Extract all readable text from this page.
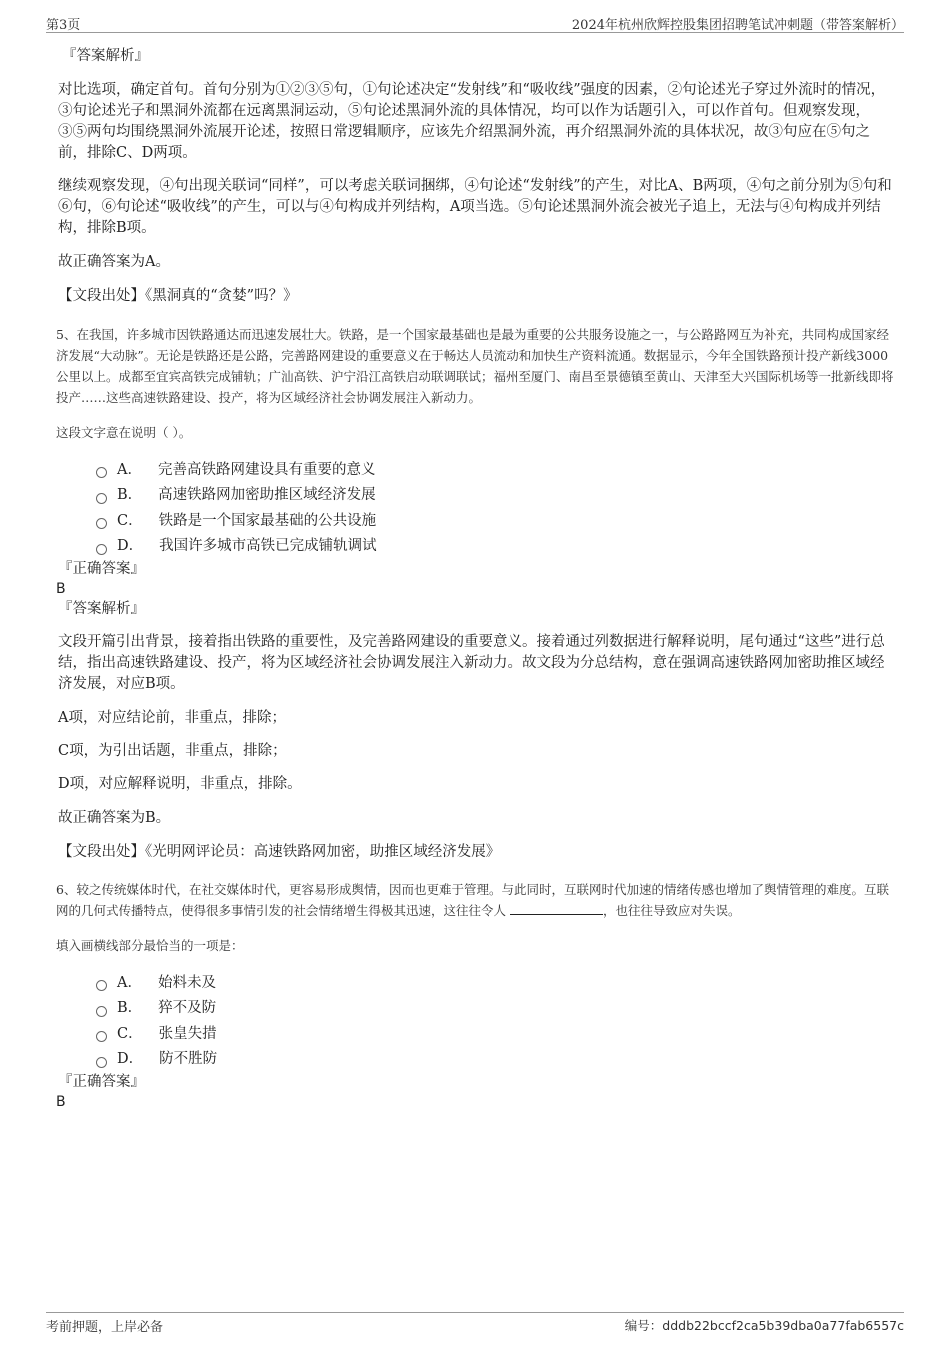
第3页	2024年杭州欣辉控股集团招聘笔试冲刺题（带答案解析）
『答案解析』

对比选项，确定首句。首句分别为①②③⑤句，①句论述决定“发射线”和“吸收线”强度的因素，②句论述光子穿过外流时的情况，③句论述光子和黑洞外流都在远离黑洞运动，⑤句论述黑洞外流的具体情况，均可以作为话题引入，可以作首句。但观察发现，③⑤两句均围绕黑洞外流展开论述，按照日常逻辑顺序，应该先介绍黑洞外流，再介绍黑洞外流的具体状况，故③句应在⑤句之前，排除C、D两项。

继续观察发现，④句出现关联词“同样”，可以考虑关联词捆绑，④句论述“发射线”的产生，对比A、B两项，④句之前分别为⑤句和⑥句，⑥句论述“吸收线”的产生，可以与④句构成并列结构，A项当选。⑤句论述黑洞外流会被光子追上，无法与④句构成并列结构，排除B项。

故正确答案为A。

【文段出处】《黑洞真的“贪婪”吗？》

5、在我国，许多城市因铁路通达而迅速发展壮大。铁路，是一个国家最基础也是最为重要的公共服务设施之一，与公路路网互为补充，共同构成国家经济发展“大动脉”。无论是铁路还是公路，完善路网建设的重要意义在于畅达人员流动和加快生产资料流通。数据显示，今年全国铁路预计投产新线3000公里以上。成都至宜宾高铁完成铺轨；广汕高铁、沪宁沿江高铁启动联调联试；福州至厦门、南昌至景德镇至黄山、天津至大兴国际机场等一批新线即将投产……这些高速铁路建设、投产，将为区域经济社会协调发展注入新动力。

这段文字意在说明（ ）。

A． 完善高铁路网建设具有重要的意义
B． 高速铁路网加密助推区域经济发展
C． 铁路是一个国家最基础的公共设施
D． 我国许多城市高铁已完成铺轨调试
『正确答案』
B
『答案解析』

文段开篇引出背景，接着指出铁路的重要性，及完善路网建设的重要意义。接着通过列数据进行解释说明，尾句通过“这些”进行总结，指出高速铁路建设、投产，将为区域经济社会协调发展注入新动力。故文段为分总结构，意在强调高速铁路网加密助推区域经济发展，对应B项。

A项，对应结论前，非重点，排除；

C项，为引出话题，非重点，排除；

D项，对应解释说明，非重点，排除。

故正确答案为B。

【文段出处】《光明网评论员：高速铁路网加密，助推区域经济发展》

6、较之传统媒体时代，在社交媒体时代，更容易形成舆情，因而也更难于管理。与此同时，互联网时代加速的情绪传感也增加了舆情管理的难度。互联网的几何式传播特点，使得很多事情引发的社会情绪增生得极其迅速，这往往令人	，也往往导致应对失误。

填入画横线部分最恰当的一项是：

A． 始料未及
B． 猝不及防
C． 张皇失措
D． 防不胜防
『正确答案』
B
考前押题，上岸必备	编号：dddb22bccf2ca5b39dba0a77fab6557c
